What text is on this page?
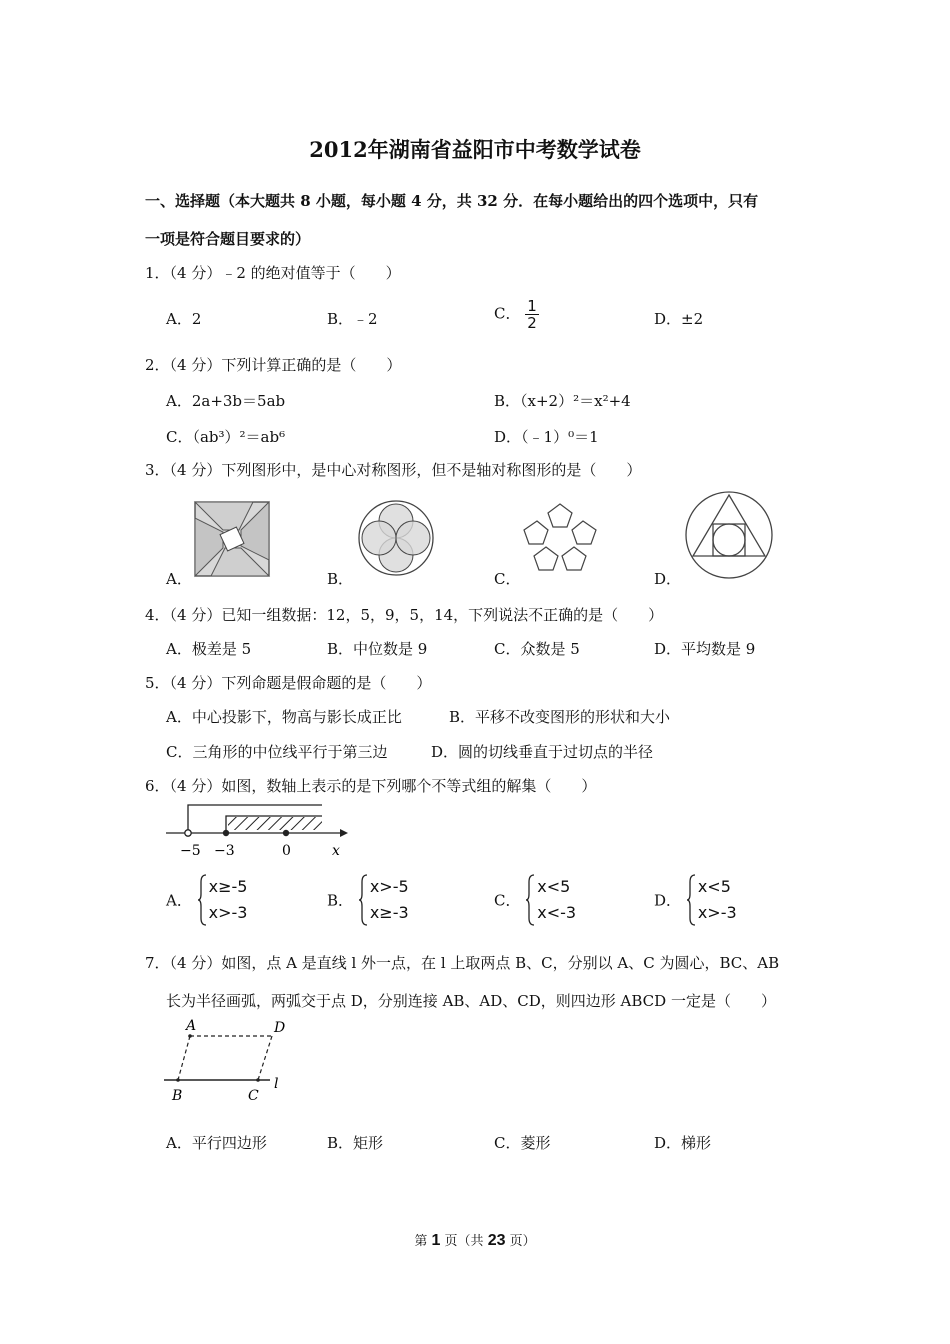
2012年湖南省益阳市中考数学试卷
一、选择题（本大题共 8 小题，每小题 4 分，共 32 分．在每小题给出的四个选项中，只有
一项是符合题目要求的）
1．（4 分）﹣2 的绝对值等于（　　）
A．2	B．﹣2	C． $\frac{1}{2}$	D．±2
2．（4 分）下列计算正确的是（　　）
A．2a+3b＝5ab	B．（x+2）²＝x²+4
C．（ab³）²＝ab⁶	D．（﹣1）⁰＝1
3．（4 分）下列图形中，是中心对称图形，但不是轴对称图形的是（　　）
A．	B．	C．	D．
4．（4 分）已知一组数据：12，5，9，5，14，下列说法不正确的是（　　）
A．极差是 5	B．中位数是 9	C．众数是 5	D．平均数是 9
5．（4 分）下列命题是假命题的是（　　）
A．中心投影下，物高与影长成正比	B．平移不改变图形的形状和大小
C．三角形的中位线平行于第三边	D．圆的切线垂直于过切点的半径
6．（4 分）如图，数轴上表示的是下列哪个不等式组的解集（　　）
−5 −3	0	x
A．
x≥-5
x>-3
B．
x>-5
x≥-3
C．
x<5
x<-3
D．
x<5
x>-3
7．（4 分）如图，点 A 是直线 l 外一点，在 l 上取两点 B、C，分别以 A、C 为圆心，BC、AB
长为半径画弧，两弧交于点 D，分别连接 AB、AD、CD，则四边形 ABCD 一定是（　　）
A	D
B	C
l
A．平行四边形	B．矩形	C．菱形	D．梯形
第 1 页（共 23 页）
